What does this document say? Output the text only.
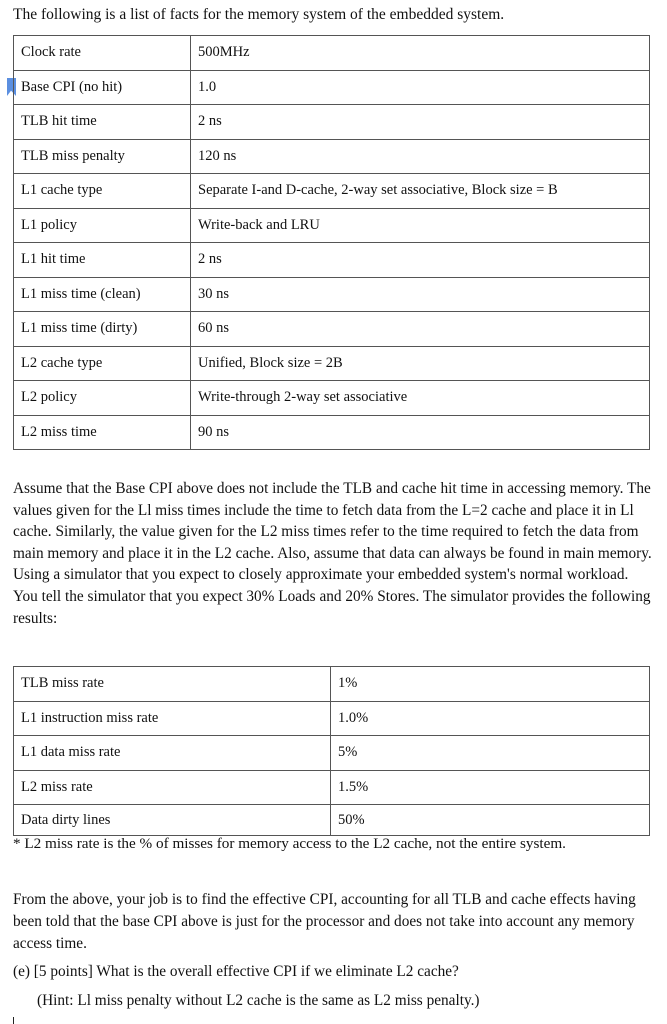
The following is a list of facts for the memory system of the embedded system.
Clock rate	500MHz
Base CPI (no hit)	1.0
TLB hit time	2 ns
TLB miss penalty	120 ns
L1 cache type	Separate I-and D-cache, 2-way set associative, Block size = B
L1 policy	Write-back and LRU
L1 hit time	2 ns
L1 miss time (clean)	30 ns
L1 miss time (dirty)	60 ns
L2 cache type	Unified, Block size = 2B
L2 policy	Write-through 2-way set associative
L2 miss time	90 ns

Assume that the Base CPI above does not include the TLB and cache hit time in accessing memory. The values given for the Ll miss times include the time to fetch data from the L=2 cache and place it in Ll cache. Similarly, the value given for the L2 miss times refer to the time required to fetch the data from main memory and place it in the L2 cache. Also, assume that data can always be found in main memory. Using a simulator that you expect to closely approximate your embedded system's normal workload. You tell the simulator that you expect 30% Loads and 20% Stores. The simulator provides the following results:

TLB miss rate	1%
L1 instruction miss rate	1.0%
L1 data miss rate	5%
L2 miss rate	1.5%
Data dirty lines	50%
* L2 miss rate is the % of misses for memory access to the L2 cache, not the entire system.

From the above, your job is to find the effective CPI, accounting for all TLB and cache effects having been told that the base CPI above is just for the processor and does not take into account any memory access time.

(e) [5 points] What is the overall effective CPI if we eliminate L2 cache?
(Hint: Ll miss penalty without L2 cache is the same as L2 miss penalty.)
